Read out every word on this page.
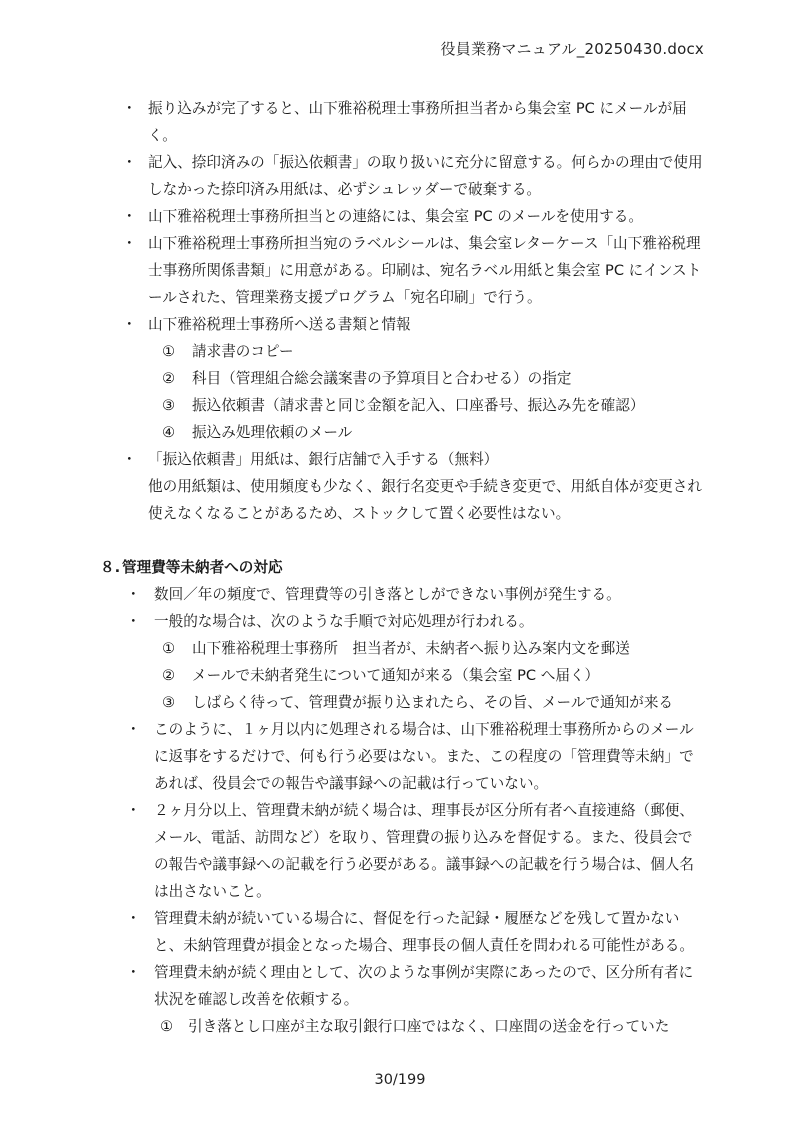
役員業務マニュアル_20250430.docx
・ 振り込みが完了すると、山下雅裕税理士事務所担当者から集会室 PC にメールが届く。
・ 記入、捺印済みの「振込依頼書」の取り扱いに充分に留意する。何らかの理由で使用しなかった捺印済み用紙は、必ずシュレッダーで破棄する。
・ 山下雅裕税理士事務所担当との連絡には、集会室 PC のメールを使用する。
・ 山下雅裕税理士事務所担当宛のラベルシールは、集会室レターケース「山下雅裕税理士事務所関係書類」に用意がある。印刷は、宛名ラベル用紙と集会室 PC にインストールされた、管理業務支援プログラム「宛名印刷」で行う。
・ 山下雅裕税理士事務所へ送る書類と情報
① 請求書のコピー
② 科目（管理組合総会議案書の予算項目と合わせる）の指定
③ 振込依頼書（請求書と同じ金額を記入、口座番号、振込み先を確認）
④ 振込み処理依頼のメール
・ 「振込依頼書」用紙は、銀行店舗で入手する（無料）
他の用紙類は、使用頻度も少なく、銀行名変更や手続き変更で、用紙自体が変更され使えなくなることがあるため、ストックして置く必要性はない。
８. 管理費等未納者への対応
・ 数回／年の頻度で、管理費等の引き落としができない事例が発生する。
・ 一般的な場合は、次のような手順で対応処理が行われる。
① 山下雅裕税理士事務所　担当者が、未納者へ振り込み案内文を郵送
② メールで未納者発生について通知が来る（集会室 PC へ届く）
③ しばらく待って、管理費が振り込まれたら、その旨、メールで通知が来る
・ このように、１ヶ月以内に処理される場合は、山下雅裕税理士事務所からのメールに返事をするだけで、何も行う必要はない。また、この程度の「管理費等未納」であれば、役員会での報告や議事録への記載は行っていない。
・ ２ヶ月分以上、管理費未納が続く場合は、理事長が区分所有者へ直接連絡（郵便、メール、電話、訪問など）を取り、管理費の振り込みを督促する。また、役員会での報告や議事録への記載を行う必要がある。議事録への記載を行う場合は、個人名は出さないこと。
・ 管理費未納が続いている場合に、督促を行った記録・履歴などを残して置かないと、未納管理費が損金となった場合、理事長の個人責任を問われる可能性がある。
・ 管理費未納が続く理由として、次のような事例が実際にあったので、区分所有者に状況を確認し改善を依頼する。
① 引き落とし口座が主な取引銀行口座ではなく、口座間の送金を行っていた
30/199
